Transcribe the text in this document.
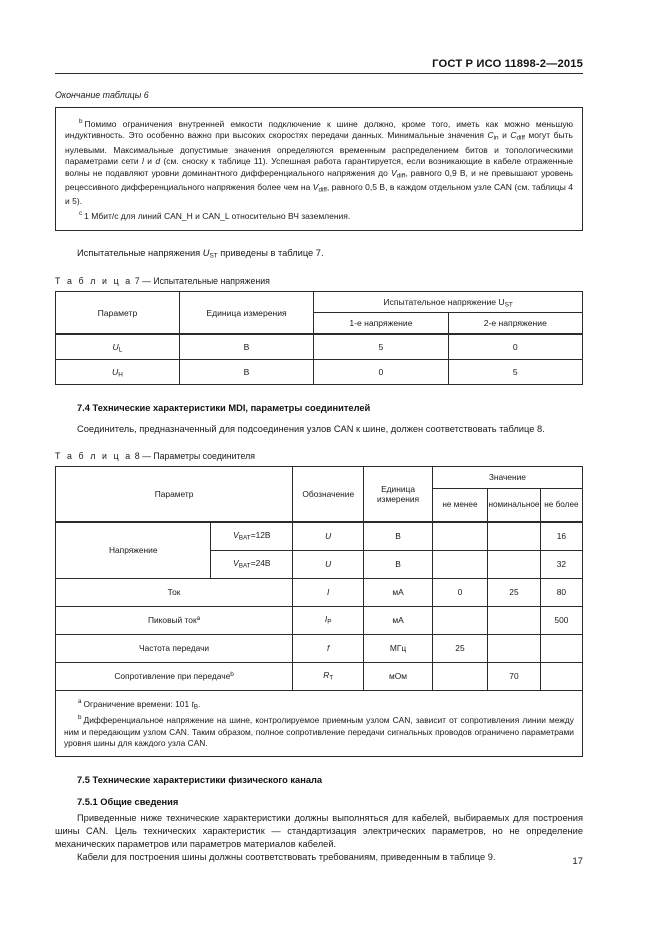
ГОСТ Р ИСО 11898-2—2015

Окончание таблицы 6

$^b$ Помимо ограничения внутренней емкости подключение к шине должно, кроме того, иметь как можно меньшую индуктивность. Это особенно важно при высоких скоростях передачи данных. Минимальные значения $C_{in}$ и $C_{diff}$ могут быть нулевыми. Максимальные допустимые значения определяются временным распределением битов и топологическими параметрами сети l и d (см. сноску к таблице 11). Успешная работа гарантируется, если возникающие в кабеле отраженные волны не подавляют уровни доминантного дифференциального напряжения до $V_{diff}$, равного 0,9 В, и не превышают уровень рецессивного дифференциального напряжения более чем на $V_{diff}$, равного 0,5 В, в каждом отдельном узле CAN (см. таблицы 4 и 5).

$^c$ 1 Мбит/с для линий CAN_H и CAN_L относительно ВЧ заземления.

Испытательные напряжения $U_{ST}$ приведены в таблице 7.

Т а б л и ц а 7 — Испытательные напряжения

Параметр	Единица измерения	Испытательное напряжение $U_{ST}$
		1-е напряжение	2-е напряжение
$U_L$	В	5	0
$U_H$	В	0	5
7.4 Технические характеристики MDI, параметры соединителей

Соединитель, предназначенный для подсоединения узлов CAN к шине, должен соответствовать таблице 8.

Т а б л и ц а 8 — Параметры соединителя

Параметр		Обозначение	Единица измерения	Значение		
				не менее	номинальное	не более
Напряжение	$V_{BAT}=12В$	U	В			16
	$V_{BAT}=24В$	U	В			32
Ток		I	мА	0	25	80
Пиковый ток$^a$		$I_P$	мА			500
Частота передачи		f	МГц	25		
Сопротивление при передаче$^b$		$R_T$	мОм		70	

$^a$ Ограничение времени: 101 $t_B$.

$^b$ Дифференциальное напряжение на шине, контролируемое приемным узлом CAN, зависит от сопротивления линии между ним и передающим узлом CAN. Таким образом, полное сопротивление передачи сигнальных проводов ограничено параметрами уровня шины для каждого узла CAN.						

7.5 Технические характеристики физического канала
7.5.1 Общие сведения

Приведенные ниже технические характеристики должны выполняться для кабелей, выбираемых для построения шины CAN. Цель технических характеристик — стандартизация электрических параметров, но не определение механических параметров или параметров материалов кабелей.

Кабели для построения шины должны соответствовать требованиям, приведенным в таблице 9.	17
